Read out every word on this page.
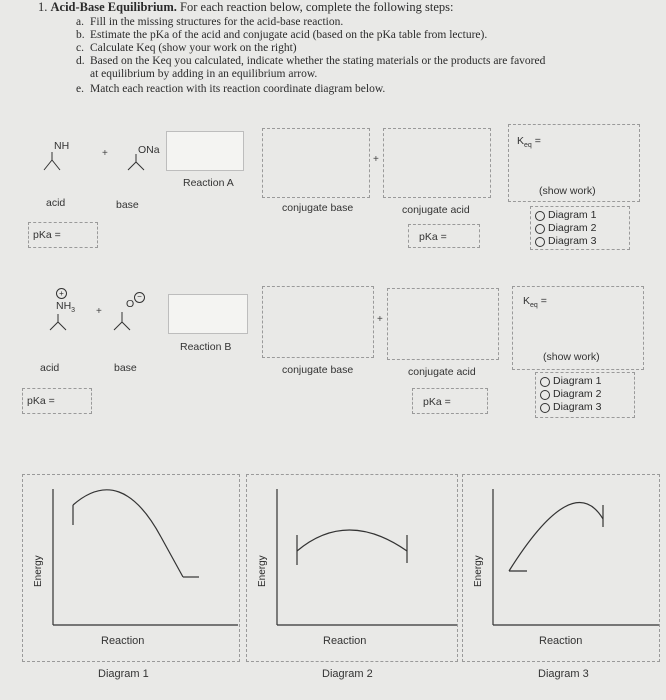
1. Acid-Base Equilibrium. For each reaction below, complete the following steps:
a. Fill in the missing structures for the acid-base reaction.
b. Estimate the pKa of the acid and conjugate acid (based on the pKa table from lecture).
c. Calculate Keq (show your work on the right)
d. Based on the Keq you calculated, indicate whether the stating materials or the products are favored
at equilibrium by adding in an equilibrium arrow.
e. Match each reaction with its reaction coordinate diagram below.
NH
+	ONa
acid	base
pKa =
Reaction A
+
conjugate base	conjugate acid
pKa =
$K_{eq}$ =
(show work)
Diagram 1
Diagram 2
Diagram 3
+
$NH_3$ +
O
−
acid	base
pKa =
Reaction B
+
conjugate base	conjugate acid
pKa =
$K_{eq}$ =
(show work)
Diagram 1
Diagram 2
Diagram 3
Energy
Reaction
Diagram 1
Energy
Reaction
Diagram 2
Energy
Reaction
Diagram 3
